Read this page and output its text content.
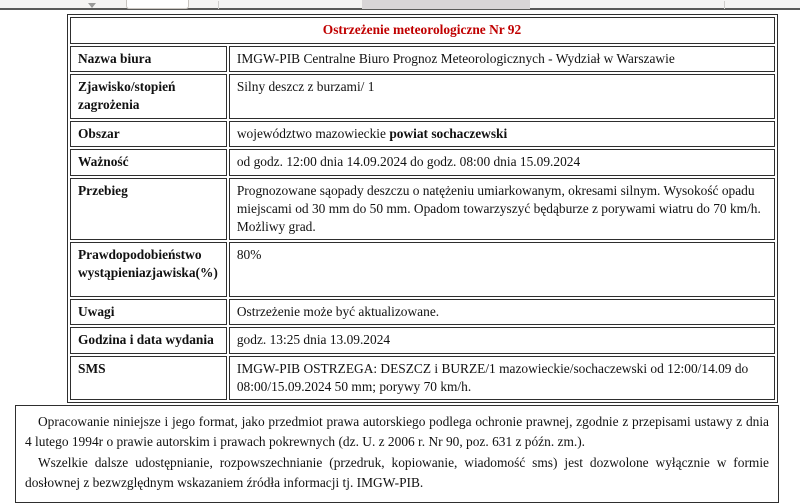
Ostrzeżenie meteorologiczne Nr 92	
Nazwa biura	IMGW-PIB Centralne Biuro Prognoz Meteorologicznych - Wydział w Warszawie
Zjawisko/stopień zagrożenia	Silny deszcz z burzami/ 1
Obszar	województwo mazowieckie powiat sochaczewski
Ważność	od godz. 12:00 dnia 14.09.2024 do godz. 08:00 dnia 15.09.2024
Przebieg	Prognozowane sąopady deszczu o natężeniu umiarkowanym, okresami silnym. Wysokość opadu miejscami od 30 mm do 50 mm. Opadom towarzyszyć będąburze z porywami wiatru do 70 km/h. Możliwy grad.
Prawdopodobieństwo wystąpieniazjawiska(%)	80%
Uwagi	Ostrzeżenie może być aktualizowane.
Godzina i data wydania	godz. 13:25 dnia 13.09.2024
SMS	IMGW-PIB OSTRZEGA: DESZCZ i BURZE/1 mazowieckie/sochaczewski od 12:00/14.09 do 08:00/15.09.2024 50 mm; porywy 70 km/h.

Opracowanie niniejsze i jego format, jako przedmiot prawa autorskiego podlega ochronie prawnej, zgodnie z przepisami ustawy z dnia 4 lutego 1994r o prawie autorskim i prawach pokrewnych (dz. U. z 2006 r. Nr 90, poz. 631 z późn. zm.).

Wszelkie dalsze udostępnianie, rozpowszechnianie (przedruk, kopiowanie, wiadomość sms) jest dozwolone wyłącznie w formie dosłownej z bezwzględnym wskazaniem źródła informacji tj. IMGW-PIB.
